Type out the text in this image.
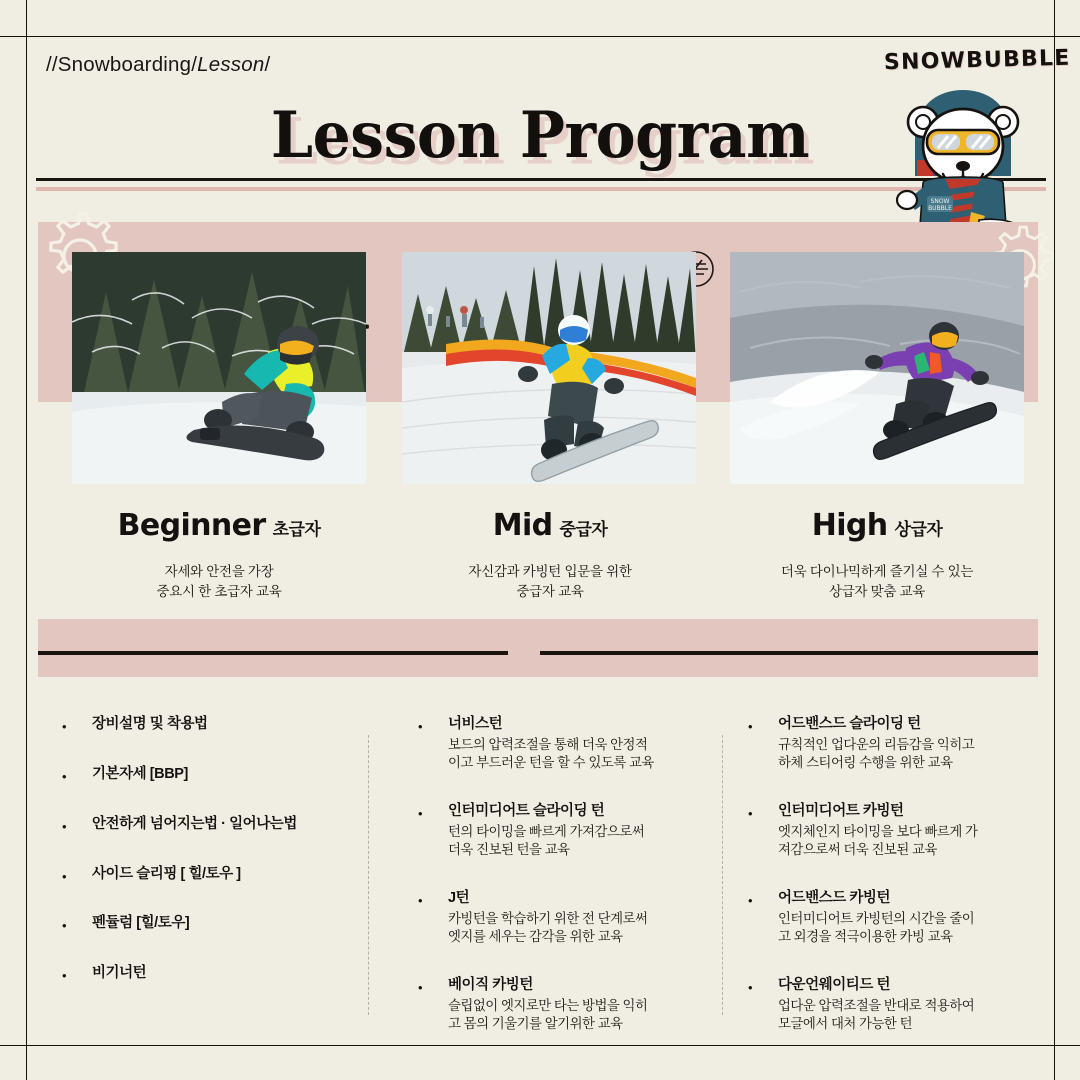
//Snowboarding/Lesson/
Lesson Program
SNOWBUBBLE
SNOW
BUBBLE
Beginner 초급자	Mid 중급자	High 상급자
자세와 안전을 가장
중요시 한 초급자 교육
자신감과 카빙턴 입문을 위한
중급자 교육
더욱 다이나믹하게 즐기실 수 있는
상급자 맞춤 교육
•	장비설명 및 착용법
•	기본자세 [BBP]
•	안전하게 넘어지는법 · 일어나는법
•	사이드 슬리핑 [ 힐/토우 ]
•	펜듈럼 [힐/토우]
•	비기너턴
•	너비스턴
보드의 압력조절을 통해 더욱 안정적
이고 부드러운 턴을 할 수 있도록 교육
•	인터미디어트 슬라이딩 턴
턴의 타이밍을 빠르게 가져감으로써
더욱 진보된 턴을 교육
•	J턴
카빙턴을 학습하기 위한 전 단계로써
엣지를 세우는 감각을 위한 교육
•	베이직 카빙턴
슬립없이 엣지로만 타는 방법을 익히
고 몸의 기울기를 알기위한 교육
•	어드밴스드 슬라이딩 턴
규칙적인 업다운의 리듬감을 익히고
하체 스티어링 수행을 위한 교육
•	인터미디어트 카빙턴
엣지체인지 타이밍을 보다 빠르게 가
져감으로써 더욱 진보된 교육
•	어드밴스드 카빙턴
인터미디어트 카빙턴의 시간을 줄이
고 외경을 적극이용한 카빙 교육
•	다운언웨이티드 턴
업다운 압력조절을 반대로 적용하여
모글에서 대처 가능한 턴
